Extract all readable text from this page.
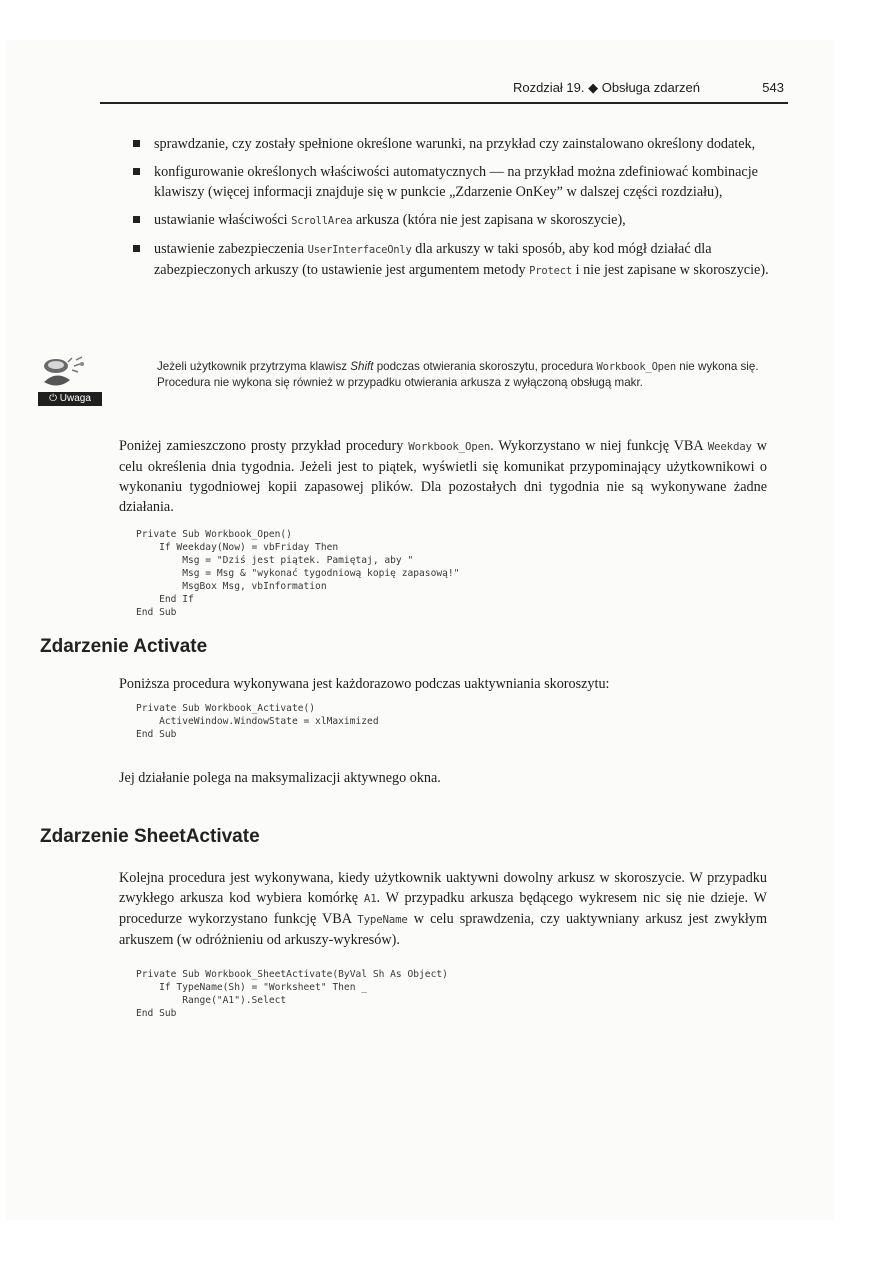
Rozdział 19. ◆ Obsługa zdarzeń	543
sprawdzanie, czy zostały spełnione określone warunki, na przykład czy zainstalowano określony dodatek,
konfigurowanie określonych właściwości automatycznych — na przykład można zdefiniować kombinacje klawiszy (więcej informacji znajduje się w punkcie „Zdarzenie OnKey” w dalszej części rozdziału),
ustawianie właściwości ScrollArea arkusza (która nie jest zapisana w skoroszycie),
ustawienie zabezpieczenia UserInterfaceOnly dla arkuszy w taki sposób, aby kod mógł działać dla zabezpieczonych arkuszy (to ustawienie jest argumentem metody Protect i nie jest zapisane w skoroszycie).
⏻ Uwaga
Jeżeli użytkownik przytrzyma klawisz Shift podczas otwierania skoroszytu, procedura Workbook_Open nie wykona się. Procedura nie wykona się również w przypadku otwierania arkusza z wyłączoną obsługą makr.
Poniżej zamieszczono prosty przykład procedury Workbook_Open. Wykorzystano w niej funkcję VBA Weekday w celu określenia dnia tygodnia. Jeżeli jest to piątek, wyświetli się komunikat przypominający użytkownikowi o wykonaniu tygodniowej kopii zapasowej plików. Dla pozostałych dni tygodnia nie są wykonywane żadne działania.
Private Sub Workbook_Open()
If Weekday(Now) = vbFriday Then
Msg = "Dziś jest piątek. Pamiętaj, aby "
Msg = Msg & "wykonać tygodniową kopię zapasową!"
MsgBox Msg, vbInformation
End If
End Sub
Zdarzenie Activate
Poniższa procedura wykonywana jest każdorazowo podczas uaktywniania skoroszytu:
Private Sub Workbook_Activate()
ActiveWindow.WindowState = xlMaximized
End Sub
Jej działanie polega na maksymalizacji aktywnego okna.
Zdarzenie SheetActivate
Kolejna procedura jest wykonywana, kiedy użytkownik uaktywni dowolny arkusz w skoroszycie. W przypadku zwykłego arkusza kod wybiera komórkę A1. W przypadku arkusza będącego wykresem nic się nie dzieje. W procedurze wykorzystano funkcję VBA TypeName w celu sprawdzenia, czy uaktywniany arkusz jest zwykłym arkuszem (w odróżnieniu od arkuszy-wykresów).
Private Sub Workbook_SheetActivate(ByVal Sh As Object)
If TypeName(Sh) = "Worksheet" Then _
Range("A1").Select
End Sub
